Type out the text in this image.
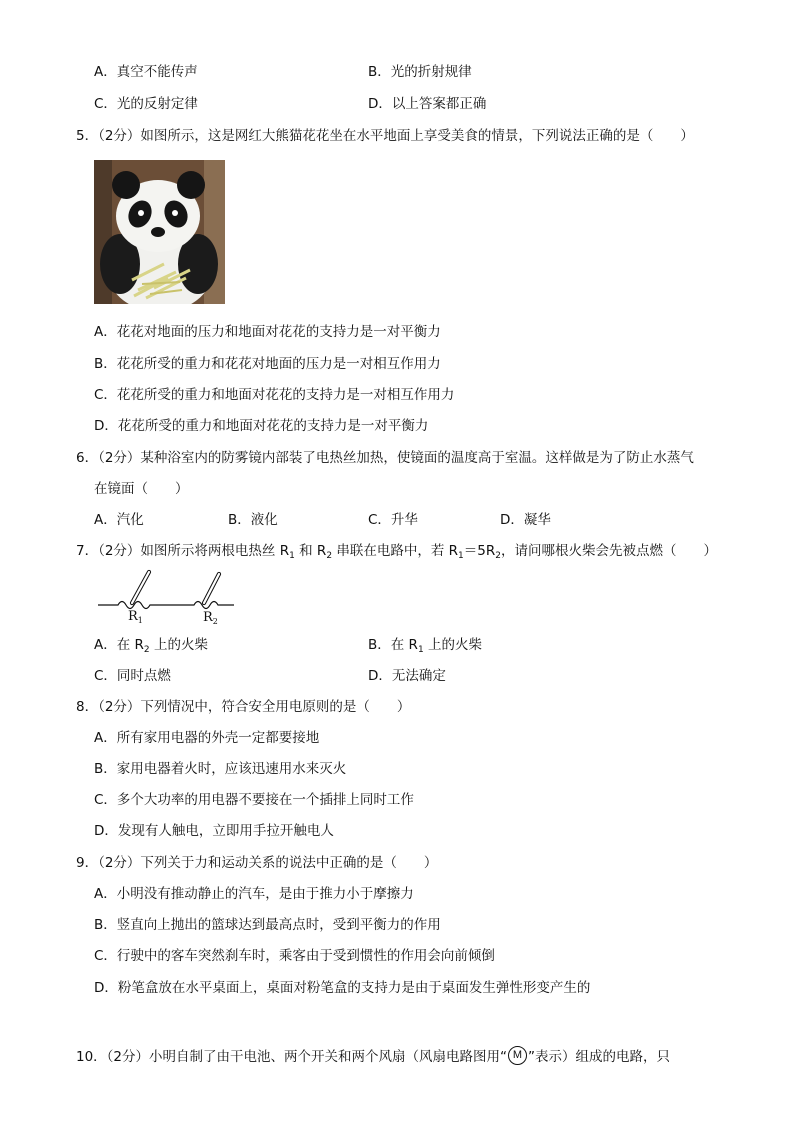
A．真空不能传声	B．光的折射规律
C．光的反射定律	D．以上答案都正确
5．（2分）如图所示，这是网红大熊猫花花坐在水平地面上享受美食的情景，下列说法正确的是（　　）
A．花花对地面的压力和地面对花花的支持力是一对平衡力
B．花花所受的重力和花花对地面的压力是一对相互作用力
C．花花所受的重力和地面对花花的支持力是一对相互作用力
D．花花所受的重力和地面对花花的支持力是一对平衡力
6．（2分）某种浴室内的防雾镜内部装了电热丝加热，使镜面的温度高于室温。这样做是为了防止水蒸气
在镜面（　　）
A．汽化	B．液化	C．升华	D．凝华
7．（2分）如图所示将两根电热丝 $R_1$ 和 $R_2$ 串联在电路中，若 $R_1=5R_2$，请问哪根火柴会先被点燃（　　）
$R_1$	$R_2$
A．在 $R_2$ 上的火柴	B．在 $R_1$ 上的火柴
C．同时点燃	D．无法确定
8．（2分）下列情况中，符合安全用电原则的是（　　）
A．所有家用电器的外壳一定都要接地
B．家用电器着火时，应该迅速用水来灭火
C．多个大功率的用电器不要接在一个插排上同时工作
D．发现有人触电，立即用手拉开触电人
9．（2分）下列关于力和运动关系的说法中正确的是（　　）
A．小明没有推动静止的汽车，是由于推力小于摩擦力
B．竖直向上抛出的篮球达到最高点时，受到平衡力的作用
C．行驶中的客车突然刹车时，乘客由于受到惯性的作用会向前倾倒
D．粉笔盒放在水平桌面上，桌面对粉笔盒的支持力是由于桌面发生弹性形变产生的
10．（2分）小明自制了由干电池、两个开关和两个风扇（风扇电路图用“ M ”表示）组成的电路，只
